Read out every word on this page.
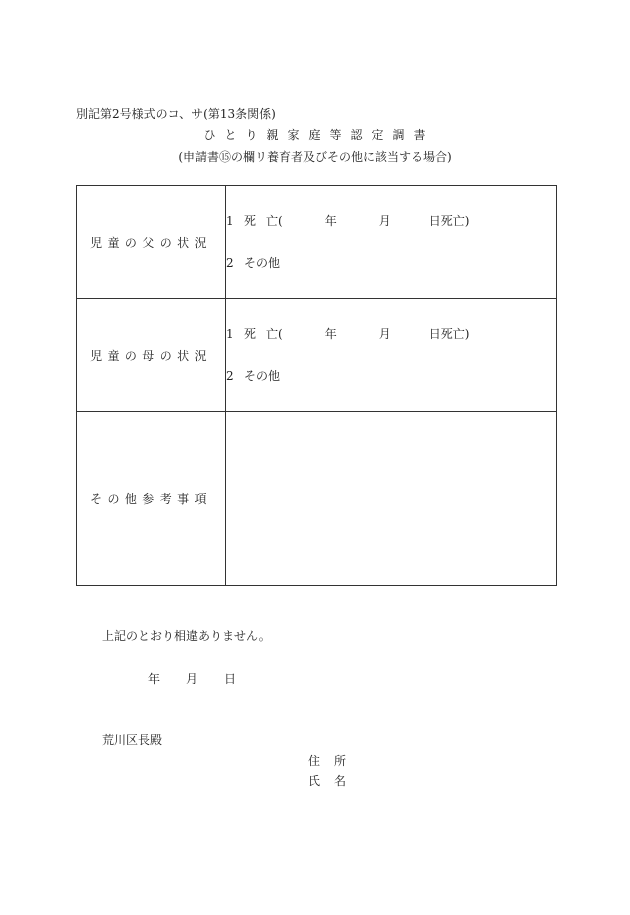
別記第2号様式のコ、サ(第13条関係)
ひとり親家庭等認定調書
(申請書⑮の欄リ養育者及びその他に該当する場合)
児童の父の状況	1 死 亡( 年 月 日死亡)
2 その他

児童の母の状況	1 死 亡( 年 月 日死亡)
2 その他

その他参考事項	
上記のとおり相違ありません。
年 月 日
荒川区長殿
住 所
氏 名
